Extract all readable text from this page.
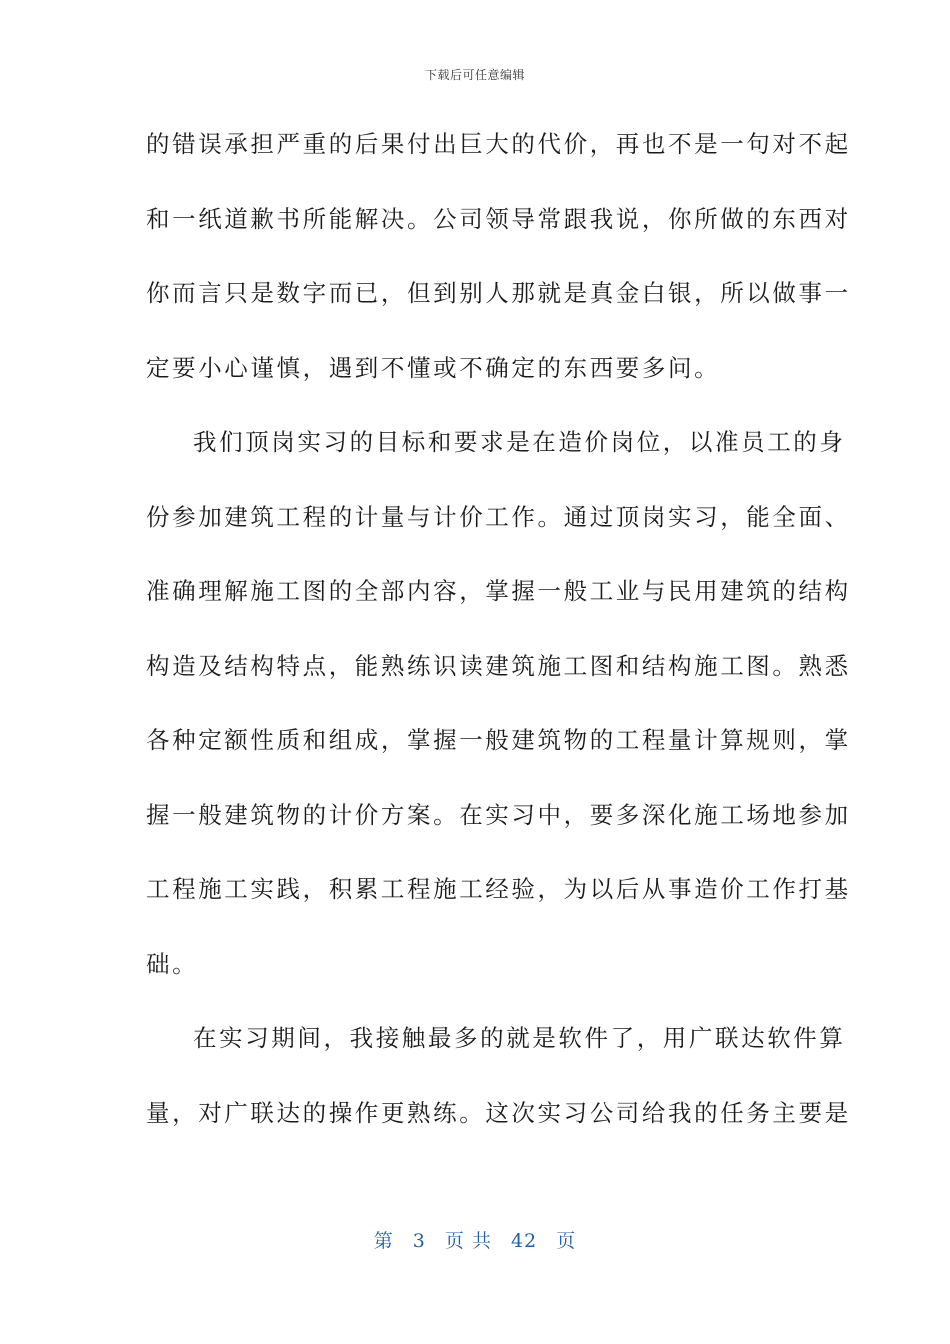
下载后可任意编辑
的错误承担严重的后果付出巨大的代价，再也不是一句对不起
和一纸道歉书所能解决。公司领导常跟我说，你所做的东西对
你而言只是数字而已，但到别人那就是真金白银，所以做事一
定要小心谨慎，遇到不懂或不确定的东西要多问。
我们顶岗实习的目标和要求是在造价岗位，以准员工的身
份参加建筑工程的计量与计价工作。通过顶岗实习，能全面、
准确理解施工图的全部内容，掌握一般工业与民用建筑的结构
构造及结构特点，能熟练识读建筑施工图和结构施工图。熟悉
各种定额性质和组成，掌握一般建筑物的工程量计算规则，掌
握一般建筑物的计价方案。在实习中，要多深化施工场地参加
工程施工实践，积累工程施工经验，为以后从事造价工作打基
础。
在实习期间，我接触最多的就是软件了，用广联达软件算
量，对广联达的操作更熟练。这次实习公司给我的任务主要是
第 3 页 共 42 页
